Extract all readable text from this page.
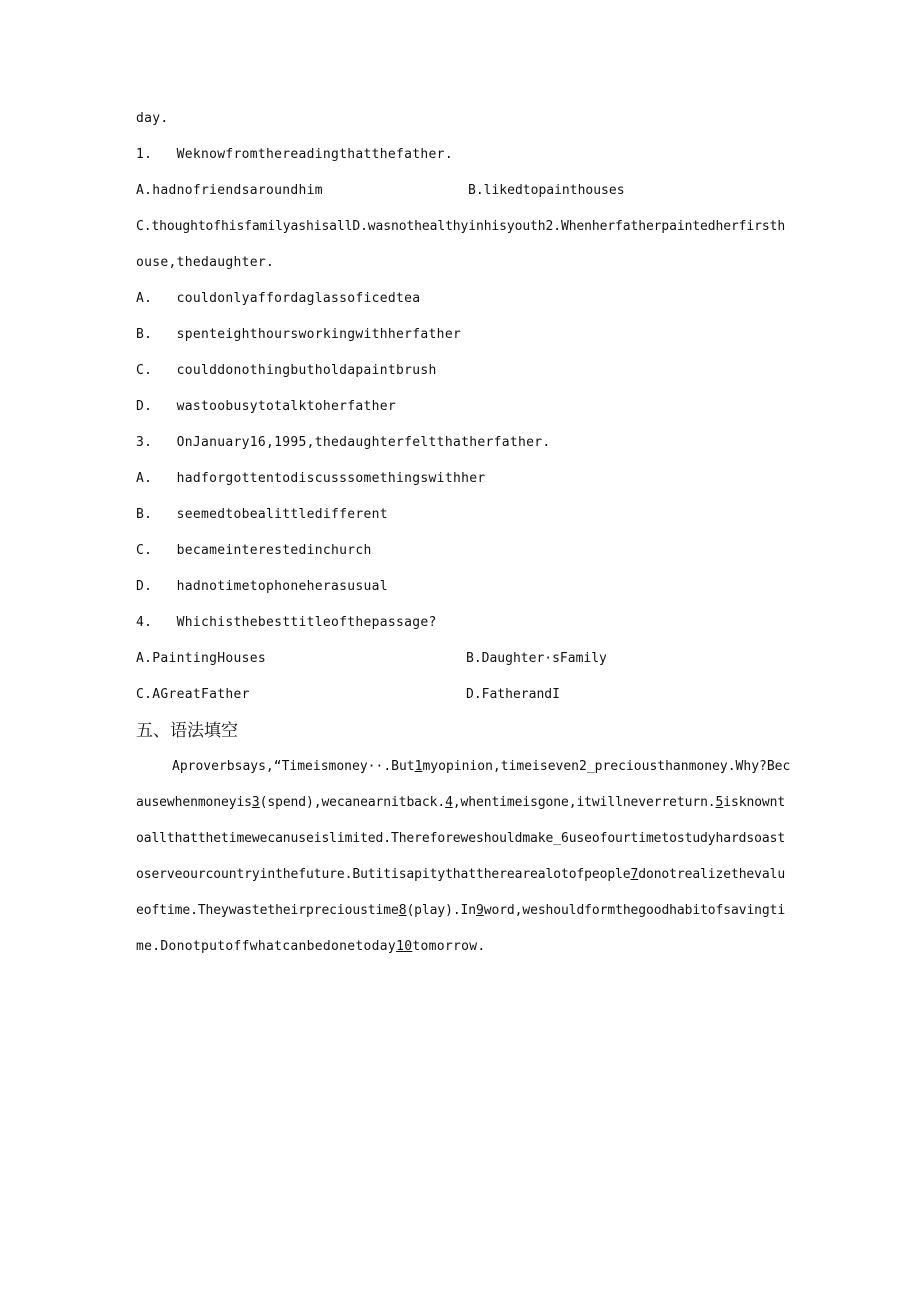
day.
1.   Weknowfromthereadingthatthefather.
A.hadnofriendsaroundhim	B.likedtopainthouses
C.thoughtofhisfamilyashisallD.wasnothealthyinhisyouth2.Whenherfatherpaintedherfirsth
ouse,thedaughter.
A.   couldonlyaffordaglassoficedtea
B.   spenteighthoursworkingwithherfather
C.   coulddonothingbutholdapaintbrush
D.   wastoobusytotalktoherfather
3.   OnJanuary16,1995,thedaughterfeltthatherfather.
A.   hadforgottentodiscusssomethingswithher
B.   seemedtobealittledifferent
C.   becameinterestedinchurch
D.   hadnotimetophoneherasusual
4.   Whichisthebesttitleofthepassage?
A.PaintingHouses	B.Daughter·sFamily
C.AGreatFather	D.FatherandI
五、语法填空
Aproverbsays,“Timeismoney··.But1myopinion,timeiseven2_preciousthanmoney.Why?Bec
ausewhenmoneyis3(spend),wecanearnitback.4,whentimeisgone,itwillneverreturn.5isknownt
oallthatthetimewecanuseislimited.Thereforeweshouldmake_6useofourtimetostudyhardsoast
oserveourcountryinthefuture.Butitisapitythattherearealotofpeople7donotrealizethevalu
eoftime.Theywastetheirprecioustime8(play).In9word,weshouldformthegoodhabitofsavingti
me.Donotputoffwhatcanbedonetoday10tomorrow.
